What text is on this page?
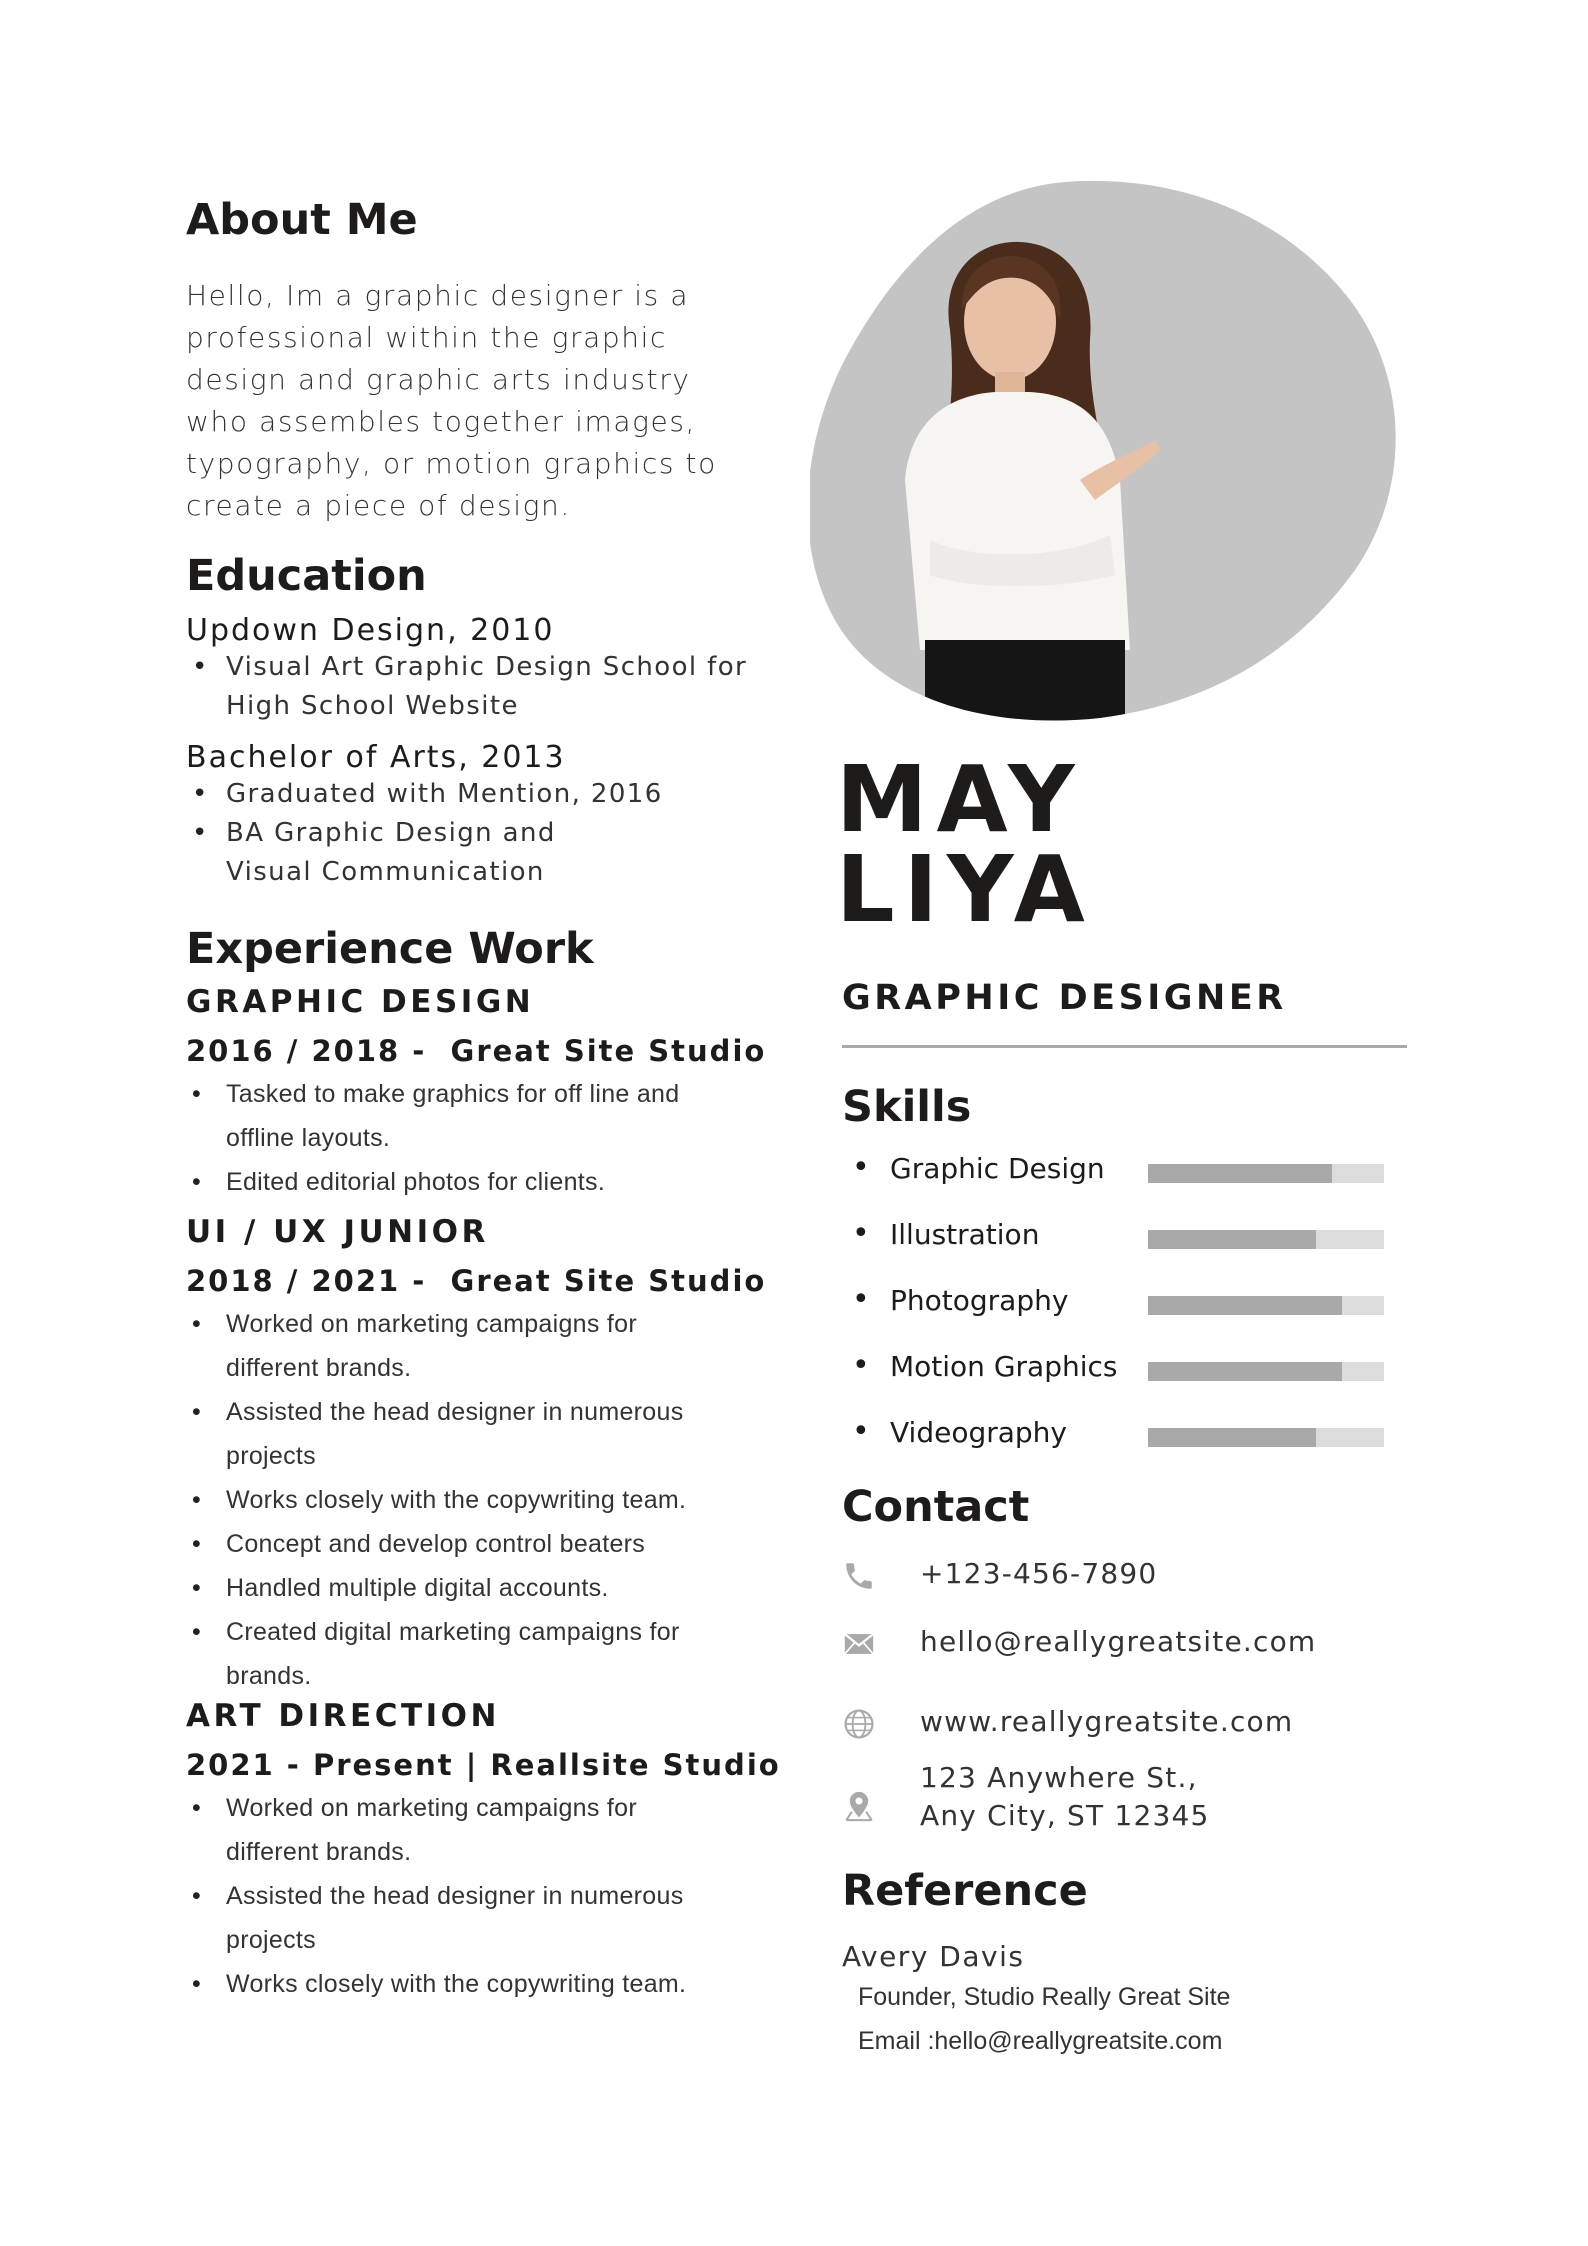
About Me
Hello, Im a graphic designer is a professional within the graphic design and graphic arts industry who assembles together images, typography, or motion graphics to create a piece of design.
Education
Updown Design, 2010
• Visual Art Graphic Design School for High School Website
Bachelor of Arts, 2013
• Graduated with Mention, 2016
• BA Graphic Design and Visual Communication
Experience Work
GRAPHIC DESIGN
2016 / 2018 -  Great Site Studio
• Tasked to make graphics for off line and offline layouts.
• Edited editorial photos for clients.
UI / UX JUNIOR
2018 / 2021 -  Great Site Studio
• Worked on marketing campaigns for different brands.
• Assisted the head designer in numerous projects
• Works closely with the copywriting team.
• Concept and develop control beaters
• Handled multiple digital accounts.
• Created digital marketing campaigns for brands.
ART DIRECTION
2021 - Present | Reallsite Studio
• Worked on marketing campaigns for different brands.
• Assisted the head designer in numerous projects
• Works closely with the copywriting team.
MAY
LIYA
GRAPHIC DESIGNER
Skills
• Graphic Design
• Illustration
• Photography
• Motion Graphics
• Videography
Contact
+123-456-7890
hello@reallygreatsite.com
www.reallygreatsite.com
123 Anywhere St.,
Any City, ST 12345
Reference
Avery Davis
Founder, Studio Really Great Site
Email :hello@reallygreatsite.com
